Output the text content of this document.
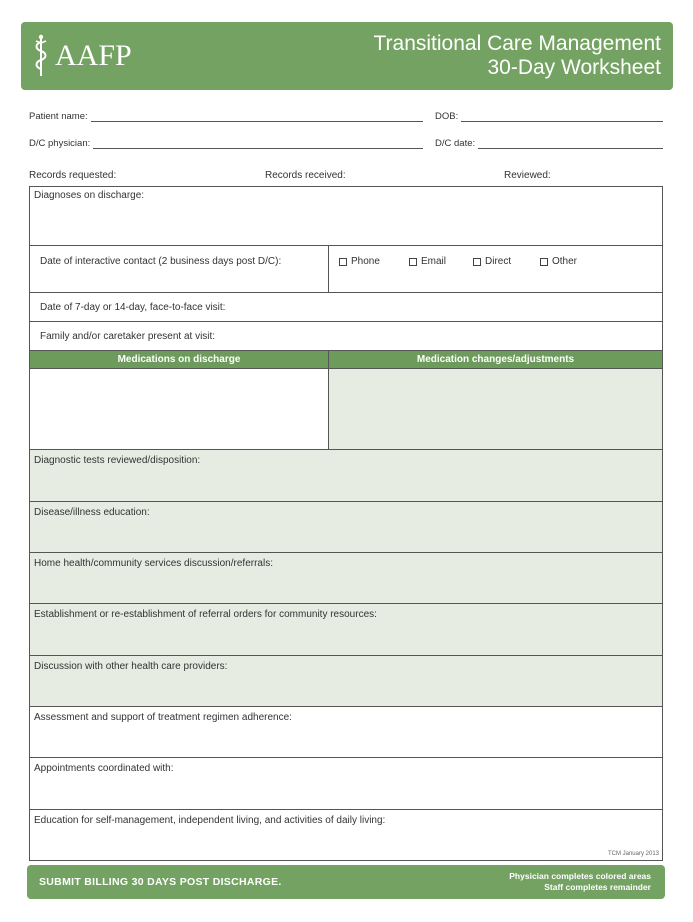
AAFP	Transitional Care Management
30-Day Worksheet
Patient name:	DOB:
D/C physician:	D/C date:
Records requested:	Records received:	Reviewed:
Diagnoses on discharge:
Date of interactive contact (2 business days post D/C):	Phone	Email	Direct	Other
Date of 7-day or 14-day, face-to-face visit:
Family and/or caretaker present at visit:
Medications on discharge	Medication changes/adjustments
Diagnostic tests reviewed/disposition:
Disease/illness education:
Home health/community services discussion/referrals:
Establishment or re-establishment of referral orders for community resources:
Discussion with other health care providers:
Assessment and support of treatment regimen adherence:
Appointments coordinated with:
Education for self-management, independent living, and activities of daily living:
TCM January 2013
SUBMIT BILLING 30 DAYS POST DISCHARGE.	Physician completes colored areas
Staff completes remainder
